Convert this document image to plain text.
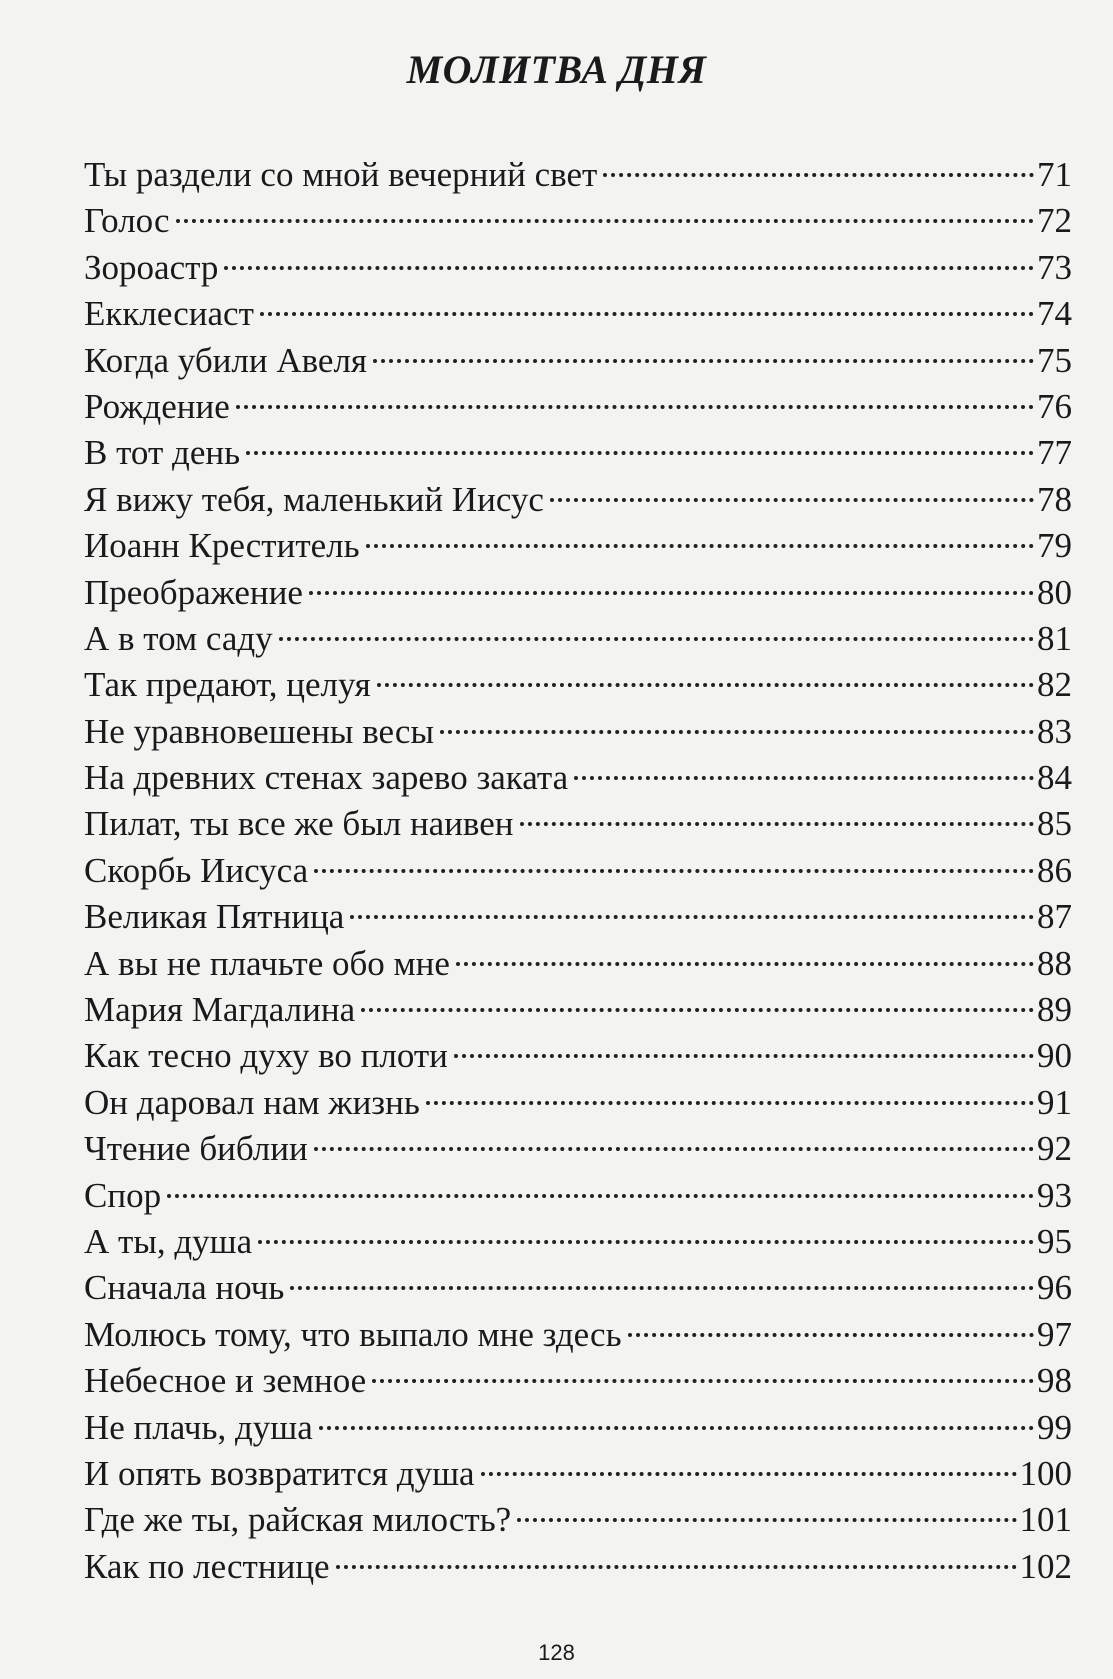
МОЛИТВА ДНЯ
Ты раздели со мной вечерний свет	71
Голос	72
Зороастр	73
Екклесиаст	74
Когда убили Авеля	75
Рождение	76
В тот день	77
Я вижу тебя, маленький Иисус	78
Иоанн Креститель	79
Преображение	80
А в том саду	81
Так предают, целуя	82
Не уравновешены весы	83
На древних стенах зарево заката	84
Пилат, ты все же был наивен	85
Скорбь Иисуса	86
Великая Пятница	87
А вы не плачьте обо мне	88
Мария Магдалина	89
Как тесно духу во плоти	90
Он даровал нам жизнь	91
Чтение библии	92
Спор	93
А ты, душа	95
Сначала ночь	96
Молюсь тому, что выпало мне здесь	97
Небесное и земное	98
Не плачь, душа	99
И опять возвратится душа	100
Где же ты, райская милость?	101
Как по лестнице	102
128
